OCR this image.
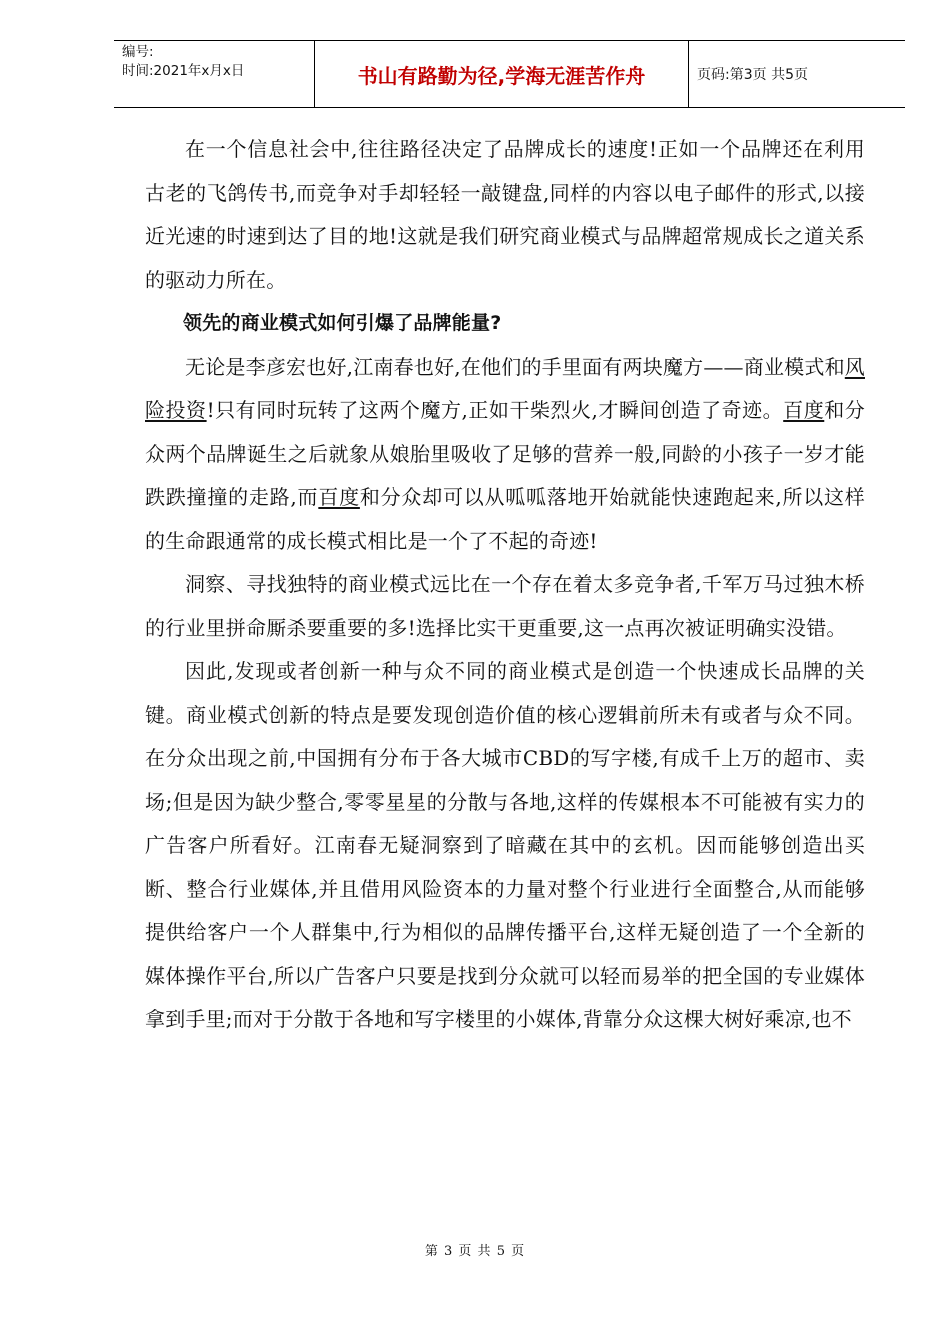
编号:
时间:2021年x月x日	书山有路勤为径,学海无涯苦作舟	页码:第3页 共5页

在一个信息社会中,往往路径决定了品牌成长的速度!正如一个品牌还在利用古老的飞鸽传书,而竞争对手却轻轻一敲键盘,同样的内容以电子邮件的形式,以接近光速的时速到达了目的地!这就是我们研究商业模式与品牌超常规成长之道关系的驱动力所在。

领先的商业模式如何引爆了品牌能量?

无论是李彦宏也好,江南春也好,在他们的手里面有两块魔方——商业模式和风险投资!只有同时玩转了这两个魔方,正如干柴烈火,才瞬间创造了奇迹。百度和分众两个品牌诞生之后就象从娘胎里吸收了足够的营养一般,同龄的小孩子一岁才能跌跌撞撞的走路,而百度和分众却可以从呱呱落地开始就能快速跑起来,所以这样的生命跟通常的成长模式相比是一个了不起的奇迹!

洞察、寻找独特的商业模式远比在一个存在着太多竞争者,千军万马过独木桥的行业里拼命厮杀要重要的多!选择比实干更重要,这一点再次被证明确实没错。

因此,发现或者创新一种与众不同的商业模式是创造一个快速成长品牌的关键。商业模式创新的特点是要发现创造价值的核心逻辑前所未有或者与众不同。在分众出现之前,中国拥有分布于各大城市CBD的写字楼,有成千上万的超市、卖场;但是因为缺少整合,零零星星的分散与各地,这样的传媒根本不可能被有实力的广告客户所看好。江南春无疑洞察到了暗藏在其中的玄机。因而能够创造出买断、整合行业媒体,并且借用风险资本的力量对整个行业进行全面整合,从而能够提供给客户一个人群集中,行为相似的品牌传播平台,这样无疑创造了一个全新的媒体操作平台,所以广告客户只要是找到分众就可以轻而易举的把全国的专业媒体拿到手里;而对于分散于各地和写字楼里的小媒体,背靠分众这棵大树好乘凉,也不

第 3 页 共 5 页
